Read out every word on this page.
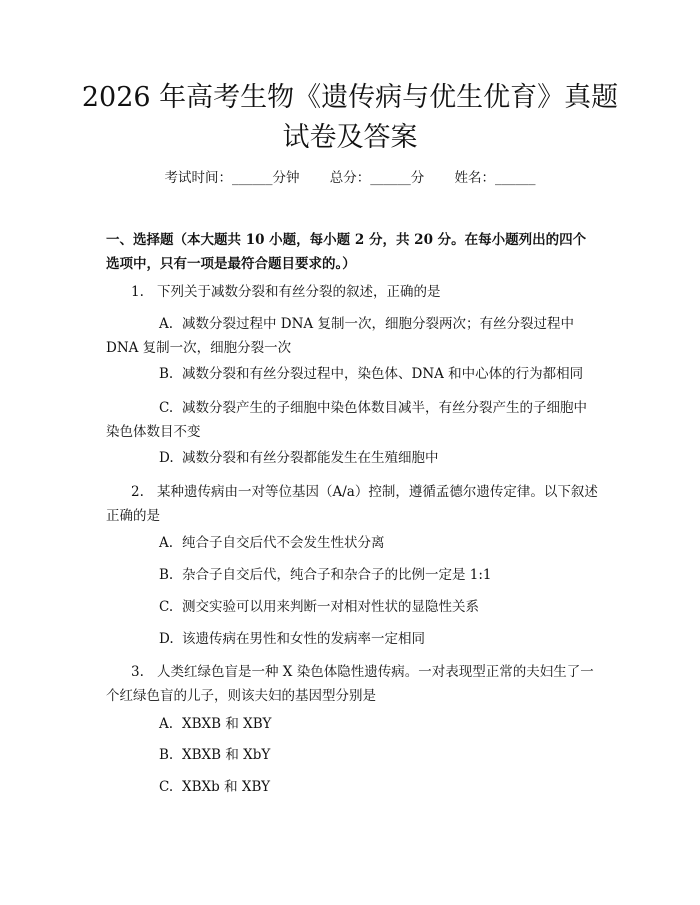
2026 年高考生物《遗传病与优生优育》真题
试卷及答案
考试时间：______分钟 总分：______分 姓名：______
一、选择题（本大题共 10 小题，每小题 2 分，共 20 分。在每小题列出的四个选项中，只有一项是最符合题目要求的。）
1. 下列关于减数分裂和有丝分裂的叙述，正确的是
A. 减数分裂过程中 DNA 复制一次，细胞分裂两次；有丝分裂过程中 DNA 复制一次，细胞分裂一次
B. 减数分裂和有丝分裂过程中，染色体、DNA 和中心体的行为都相同
C. 减数分裂产生的子细胞中染色体数目减半，有丝分裂产生的子细胞中染色体数目不变
D. 减数分裂和有丝分裂都能发生在生殖细胞中
2. 某种遗传病由一对等位基因（A/a）控制，遵循孟德尔遗传定律。以下叙述正确的是
A. 纯合子自交后代不会发生性状分离
B. 杂合子自交后代，纯合子和杂合子的比例一定是 1:1
C. 测交实验可以用来判断一对相对性状的显隐性关系
D. 该遗传病在男性和女性的发病率一定相同
3. 人类红绿色盲是一种 X 染色体隐性遗传病。一对表现型正常的夫妇生了一个红绿色盲的儿子，则该夫妇的基因型分别是
A. XBXB 和 XBY
B. XBXB 和 XbY
C. XBXb 和 XBY
